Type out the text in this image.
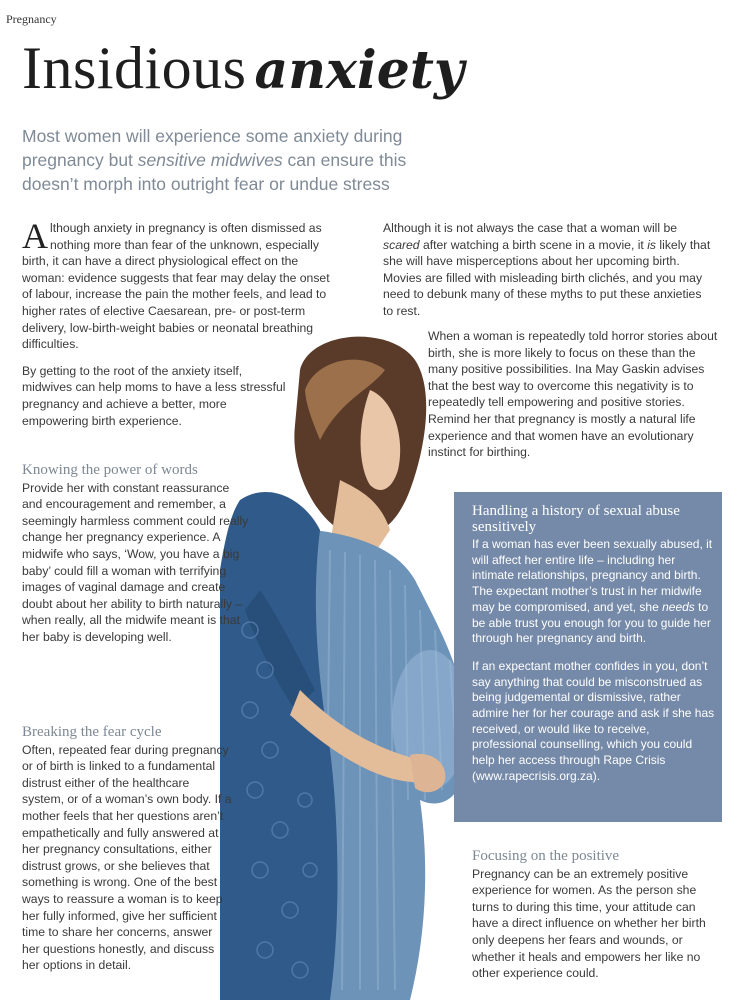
Pregnancy
Insidious anxiety
Most women will experience some anxiety during pregnancy but sensitive midwives can ensure this doesn’t morph into outright fear or undue stress

Although anxiety in pregnancy is often dismissed as nothing more than fear of the unknown, especially birth, it can have a direct physiological effect on the woman: evidence suggests that fear may delay the onset of labour, increase the pain the mother feels, and lead to higher rates of elective Caesarean, pre- or post-term delivery, low-birth-weight babies or neonatal breathing difficulties.

By getting to the root of the anxiety itself, midwives can help moms to have a less stressful pregnancy and achieve a better, more empowering birth experience.

Although it is not always the case that a woman will be scared after watching a birth scene in a movie, it is likely that she will have misperceptions about her upcoming birth. Movies are filled with misleading birth clichés, and you may need to debunk many of these myths to put these anxieties to rest.

When a woman is repeatedly told horror stories about birth, she is more likely to focus on these than the many positive possibilities. Ina May Gaskin advises that the best way to overcome this negativity is to repeatedly tell empowering and positive stories. Remind her that pregnancy is mostly a natural life experience and that women have an evolutionary instinct for birthing.

Knowing the power of words

Provide her with constant reassurance and encouragement and remember, a seemingly harmless comment could really change her pregnancy experience. A midwife who says, ‘Wow, you have a big baby’ could fill a woman with terrifying images of vaginal damage and create doubt about her ability to birth naturally – when really, all the midwife meant is that her baby is developing well.

Breaking the fear cycle

Often, repeated fear during pregnancy or of birth is linked to a fundamental distrust either of the healthcare system, or of a woman’s own body. If a mother feels that her questions aren’t empathetically and fully answered at her pregnancy consultations, either distrust grows, or she believes that something is wrong. One of the best ways to reassure a woman is to keep her fully informed, give her sufficient time to share her concerns, answer her questions honestly, and discuss her options in detail.

Handling a history of sexual abuse sensitively

If a woman has ever been sexually abused, it will affect her entire life – including her intimate relationships, pregnancy and birth. The expectant mother’s trust in her midwife may be compromised, and yet, she needs to be able trust you enough for you to guide her through her pregnancy and birth.

If an expectant mother confides in you, don’t say anything that could be misconstrued as being judgemental or dismissive, rather admire her for her courage and ask if she has received, or would like to receive, professional counselling, which you could help her access through Rape Crisis (www.rapecrisis.org.za).

Focusing on the positive

Pregnancy can be an extremely positive experience for women. As the person she turns to during this time, your attitude can have a direct influence on whether her birth only deepens her fears and wounds, or whether it heals and empowers her like no other experience could.
